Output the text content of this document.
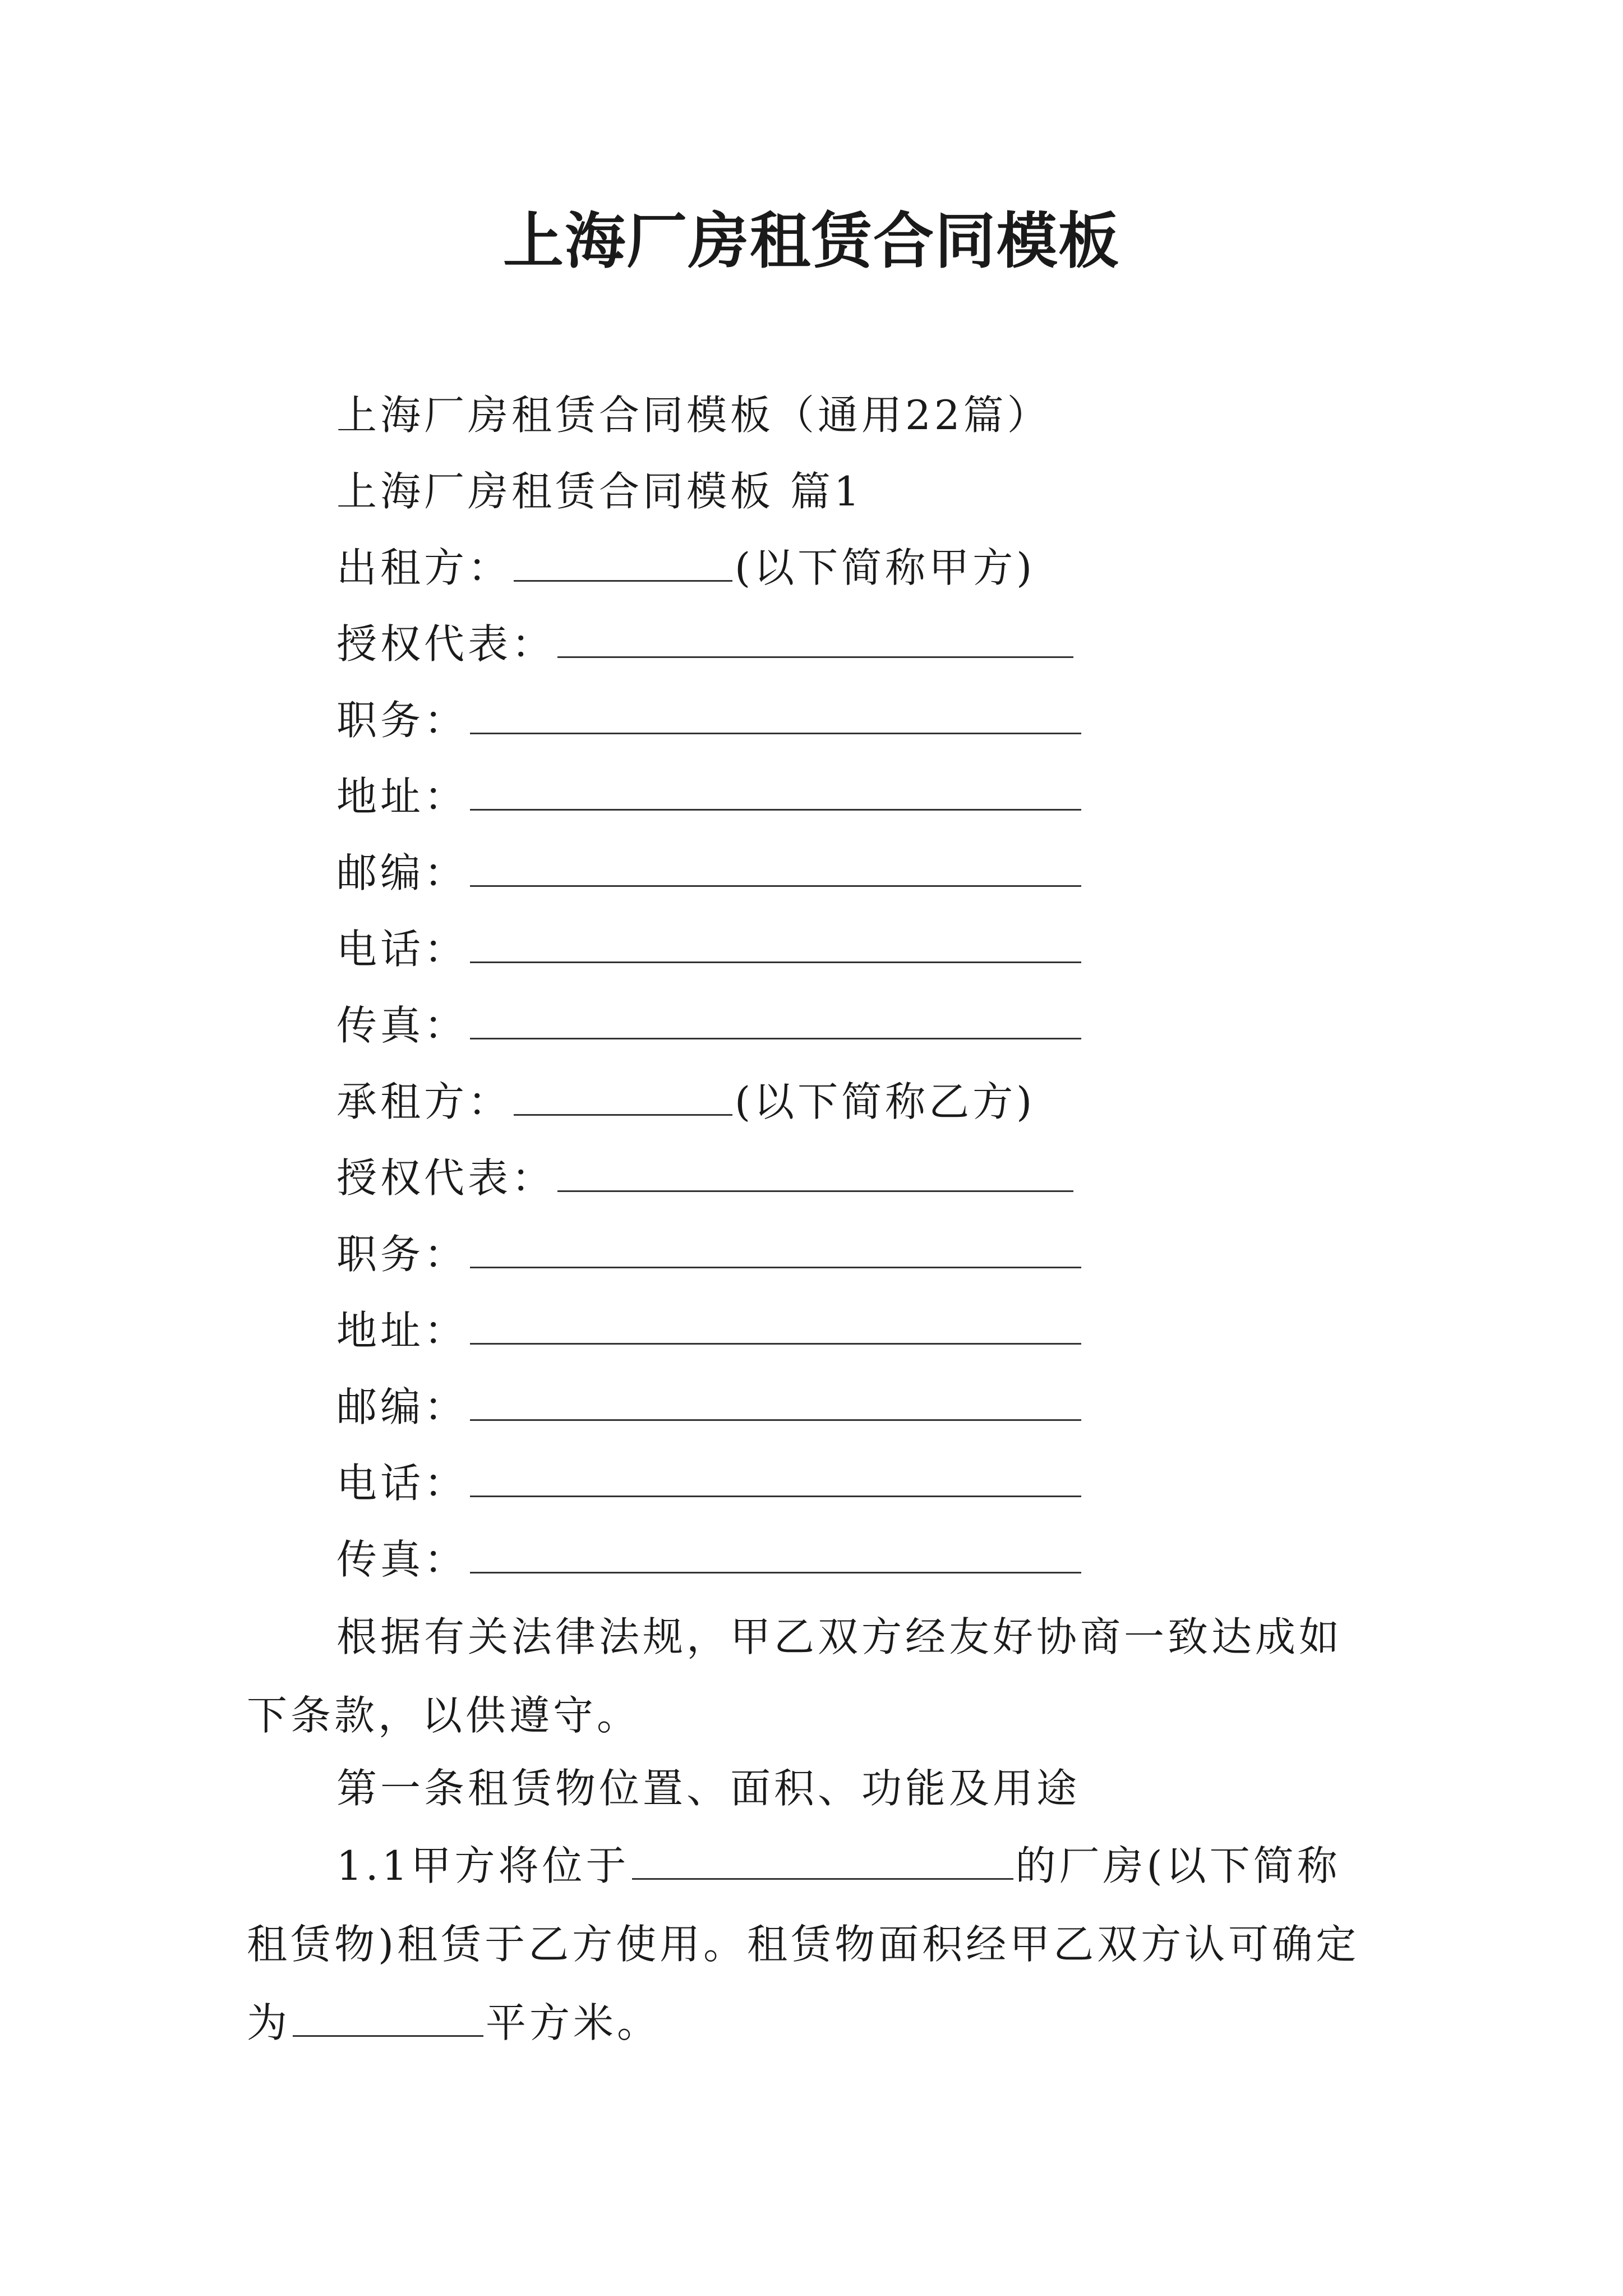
上海厂房租赁合同模板
上海厂房租赁合同模板（通用22篇）
上海厂房租赁合同模板 篇1
出租方：	(以下简称甲方)
授权代表：
职务：
地址：
邮编：
电话：
传真：
承租方：	(以下简称乙方)
授权代表：
职务：
地址：
邮编：
电话：
传真：
根据有关法律法规，甲乙双方经友好协商一致达成如下条款，以供遵守。
第一条租赁物位置、面积、功能及用途
1.1甲方将位于	的厂房(以下简称租赁物)租赁于乙方使用。租赁物面积经甲乙双方认可确定为	平方米。
